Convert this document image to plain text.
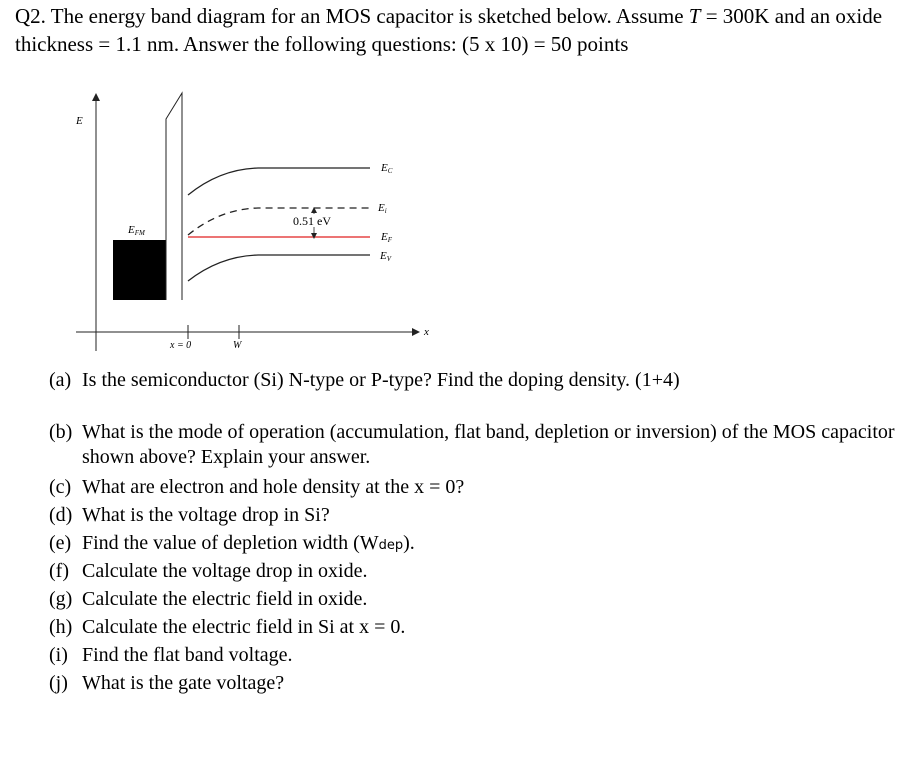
Q2. The energy band diagram for an MOS capacitor is sketched below. Assume T = 300K and an oxide thickness = 1.1 nm. Answer the following questions: (5 x 10) = 50 points

E
x
EFM
x = 0	W
EC
Ei
EF
EV
0.51 eV
(a) Is the semiconductor (Si) N-type or P-type? Find the doping density. (1+4)
(b) What is the mode of operation (accumulation, flat band, depletion or inversion) of the MOS capacitor shown above? Explain your answer.
(c) What are electron and hole density at the x = 0?
(d) What is the voltage drop in Si?
(e) Find the value of depletion width (Wdep).
(f) Calculate the voltage drop in oxide.
(g) Calculate the electric field in oxide.
(h) Calculate the electric field in Si at x = 0.
(i) Find the flat band voltage.
(j) What is the gate voltage?
